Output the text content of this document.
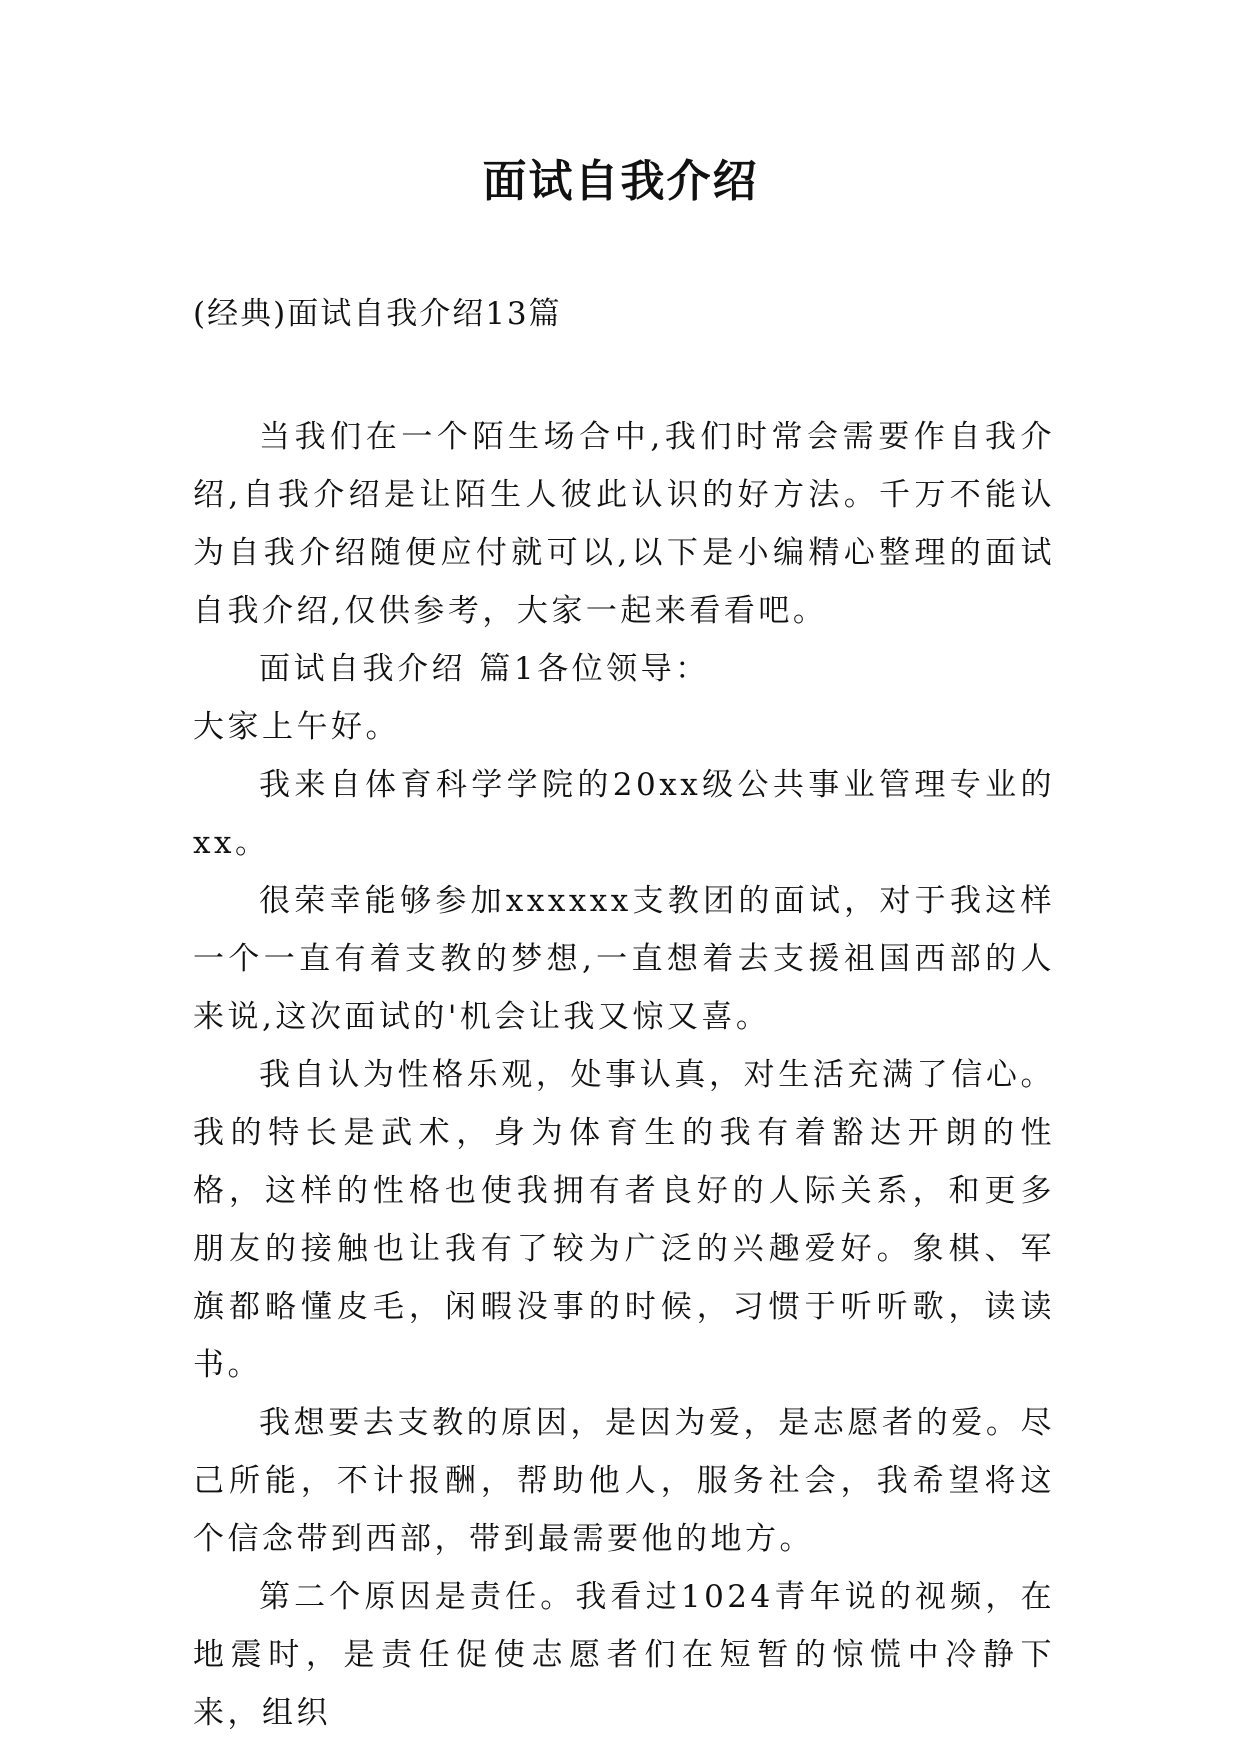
面试自我介绍
(经典)面试自我介绍13篇

当我们在一个陌生场合中,我们时常会需要作自我介绍,自我介绍是让陌生人彼此认识的好方法。千万不能认为自我介绍随便应付就可以,以下是小编精心整理的面试自我介绍,仅供参考，大家一起来看看吧。

面试自我介绍 篇1各位领导：

大家上午好。

我来自体育科学学院的20xx级公共事业管理专业的xx。

很荣幸能够参加xxxxxx支教团的面试，对于我这样一个一直有着支教的梦想,一直想着去支援祖国西部的人来说,这次面试的'机会让我又惊又喜。

我自认为性格乐观，处事认真，对生活充满了信心。我的特长是武术，身为体育生的我有着豁达开朗的性格，这样的性格也使我拥有者良好的人际关系，和更多朋友的接触也让我有了较为广泛的兴趣爱好。象棋、军旗都略懂皮毛，闲暇没事的时候，习惯于听听歌，读读书。

我想要去支教的原因，是因为爱，是志愿者的爱。尽己所能，不计报酬，帮助他人，服务社会，我希望将这个信念带到西部，带到最需要他的地方。

第二个原因是责任。我看过1024青年说的视频，在地震时，是责任促使志愿者们在短暂的惊慌中冷静下来，组织
